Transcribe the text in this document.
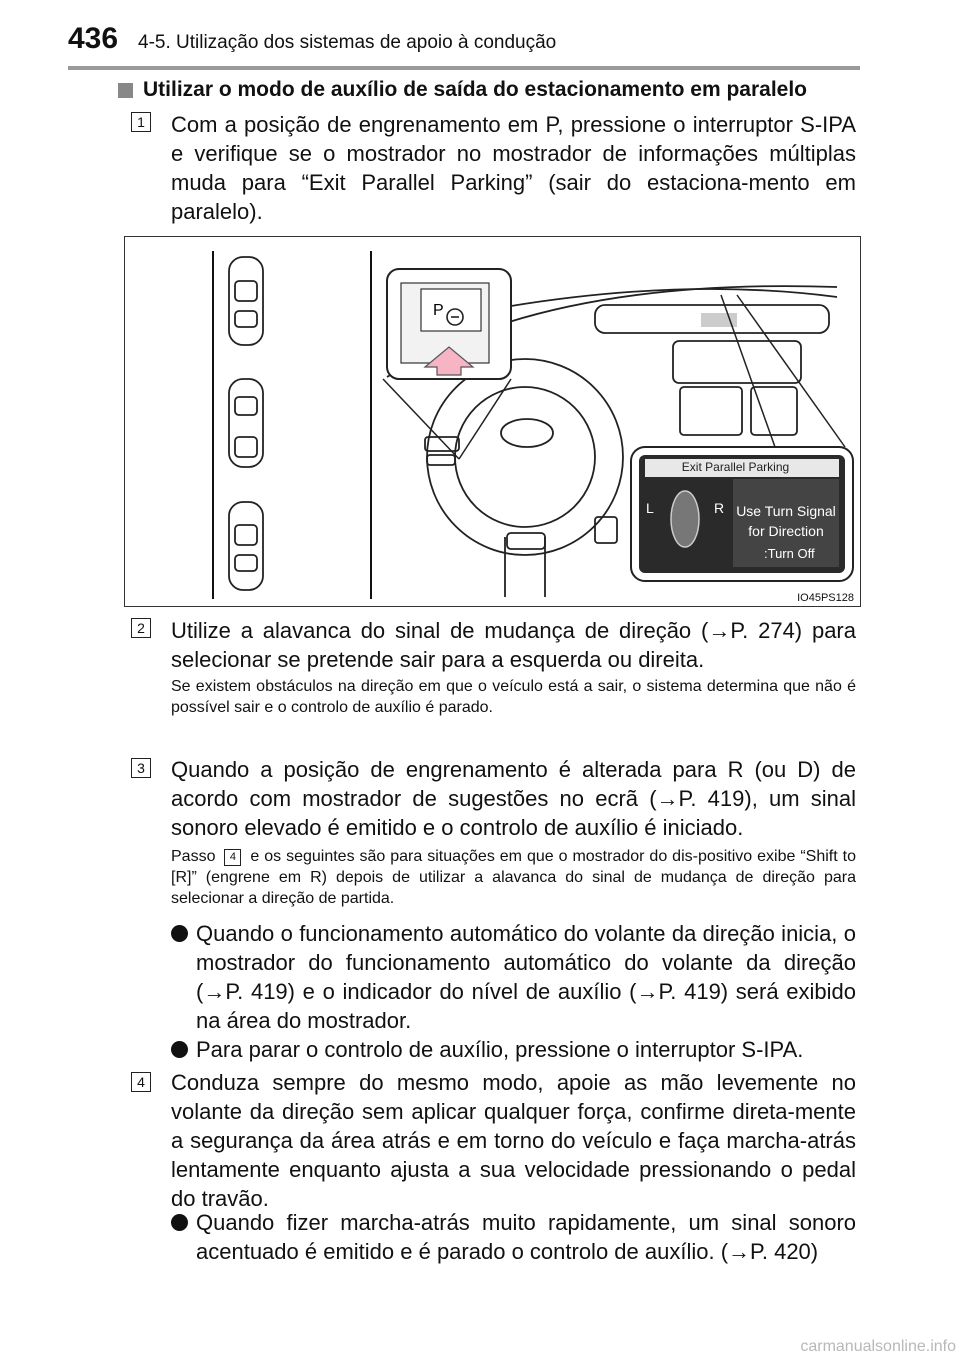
436 4-5. Utilização dos sistemas de apoio à condução
Utilizar o modo de auxílio de saída do estacionamento em paralelo
1 Com a posição de engrenamento em P, pressione o interruptor S-IPA e verifique se o mostrador no mostrador de informações múltiplas muda para “Exit Parallel Parking” (sair do estaciona-mento em paralelo).
P
IO45PS128
Exit Parallel Parking
L	R Use Turn Signal
for Direction
:Turn Off
2 Utilize a alavanca do sinal de mudança de direção (→P. 274) para selecionar se pretende sair para a esquerda ou direita.
Se existem obstáculos na direção em que o veículo está a sair, o sistema determina que não é possível sair e o controlo de auxílio é parado.
3 Quando a posição de engrenamento é alterada para R (ou D) de acordo com mostrador de sugestões no ecrã (→P. 419), um sinal sonoro elevado é emitido e o controlo de auxílio é iniciado.
Passo 4 e os seguintes são para situações em que o mostrador do dis-positivo exibe “Shift to [R]” (engrene em R) depois de utilizar a alavanca do sinal de mudança de direção para selecionar a direção de partida.
Quando o funcionamento automático do volante da direção inicia, o mostrador do funcionamento automático do volante da direção (→P. 419) e o indicador do nível de auxílio (→P. 419) será exibido na área do mostrador.
Para parar o controlo de auxílio, pressione o interruptor S-IPA.
4 Conduza sempre do mesmo modo, apoie as mão levemente no volante da direção sem aplicar qualquer força, confirme direta-mente a segurança da área atrás e em torno do veículo e faça marcha-atrás lentamente enquanto ajusta a sua velocidade pressionando o pedal do travão.
Quando fizer marcha-atrás muito rapidamente, um sinal sonoro acentuado é emitido e é parado o controlo de auxílio. (→P. 420)
carmanualsonline.info
